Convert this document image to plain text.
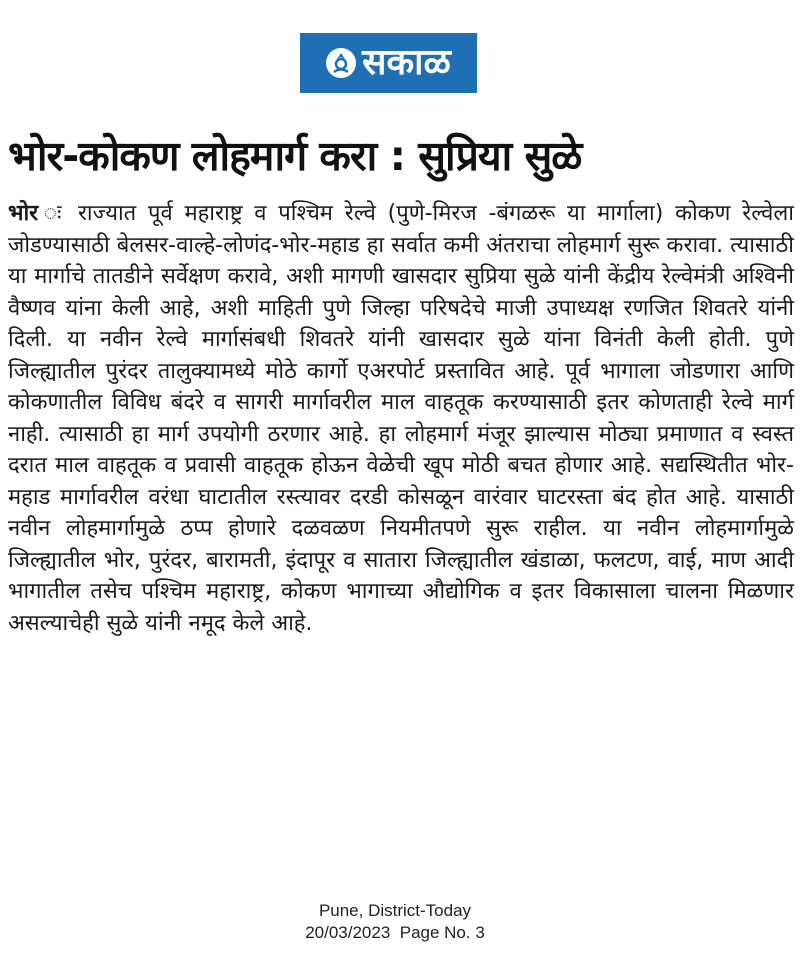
सकाळ
भोर-कोकण लोहमार्ग करा : सुप्रिया सुळे
भोर ः राज्यात पूर्व महाराष्ट्र व पश्चिम रेल्वे (पुणे-मिरज -बंगळरू या मार्गाला) कोकण रेल्वेला जोडण्यासाठी बेलसर-वाल्हे-लोणंद-भोर-महाड हा सर्वात कमी अंतराचा लोहमार्ग सुरू करावा. त्यासाठी या मार्गाचे तातडीने सर्वेक्षण करावे, अशी मागणी खासदार सुप्रिया सुळे यांनी केंद्रीय रेल्वेमंत्री अश्विनी वैष्णव यांना केली आहे, अशी माहिती पुणे जिल्हा परिषदेचे माजी उपाध्यक्ष रणजित शिवतरे यांनी दिली. या नवीन रेल्वे मार्गासंबधी शिवतरे यांनी खासदार सुळे यांना विनंती केली होती. पुणे जिल्ह्यातील पुरंदर तालुक्यामध्ये मोठे कार्गो एअरपोर्ट प्रस्तावित आहे. पूर्व भागाला जोडणारा आणि कोकणातील विविध बंदरे व सागरी मार्गावरील माल वाहतूक करण्यासाठी इतर कोणताही रेल्वे मार्ग नाही. त्यासाठी हा मार्ग उपयोगी ठरणार आहे. हा लोहमार्ग मंजूर झाल्यास मोठ्या प्रमाणात व स्वस्त दरात माल वाहतूक व प्रवासी वाहतूक होऊन वेळेची खूप मोठी बचत होणार आहे. सद्यस्थितीत भोर-महाड मार्गावरील वरंधा घाटातील रस्त्यावर दरडी कोसळून वारंवार घाटरस्ता बंद होत आहे. यासाठी नवीन लोहमार्गामुळे ठप्प होणारे दळवळण नियमीतपणे सुरू राहील. या नवीन लोहमार्गामुळे जिल्ह्यातील भोर, पुरंदर, बारामती, इंदापूर व सातारा जिल्ह्यातील खंडाळा, फलटण, वाई, माण आदी भागातील तसेच पश्चिम महाराष्ट्र, कोकण भागाच्या औद्योगिक व इतर विकासाला चालना मिळणार असल्याचेही सुळे यांनी नमूद केले आहे.
Pune, District-Today
20/03/2023  Page No. 3
